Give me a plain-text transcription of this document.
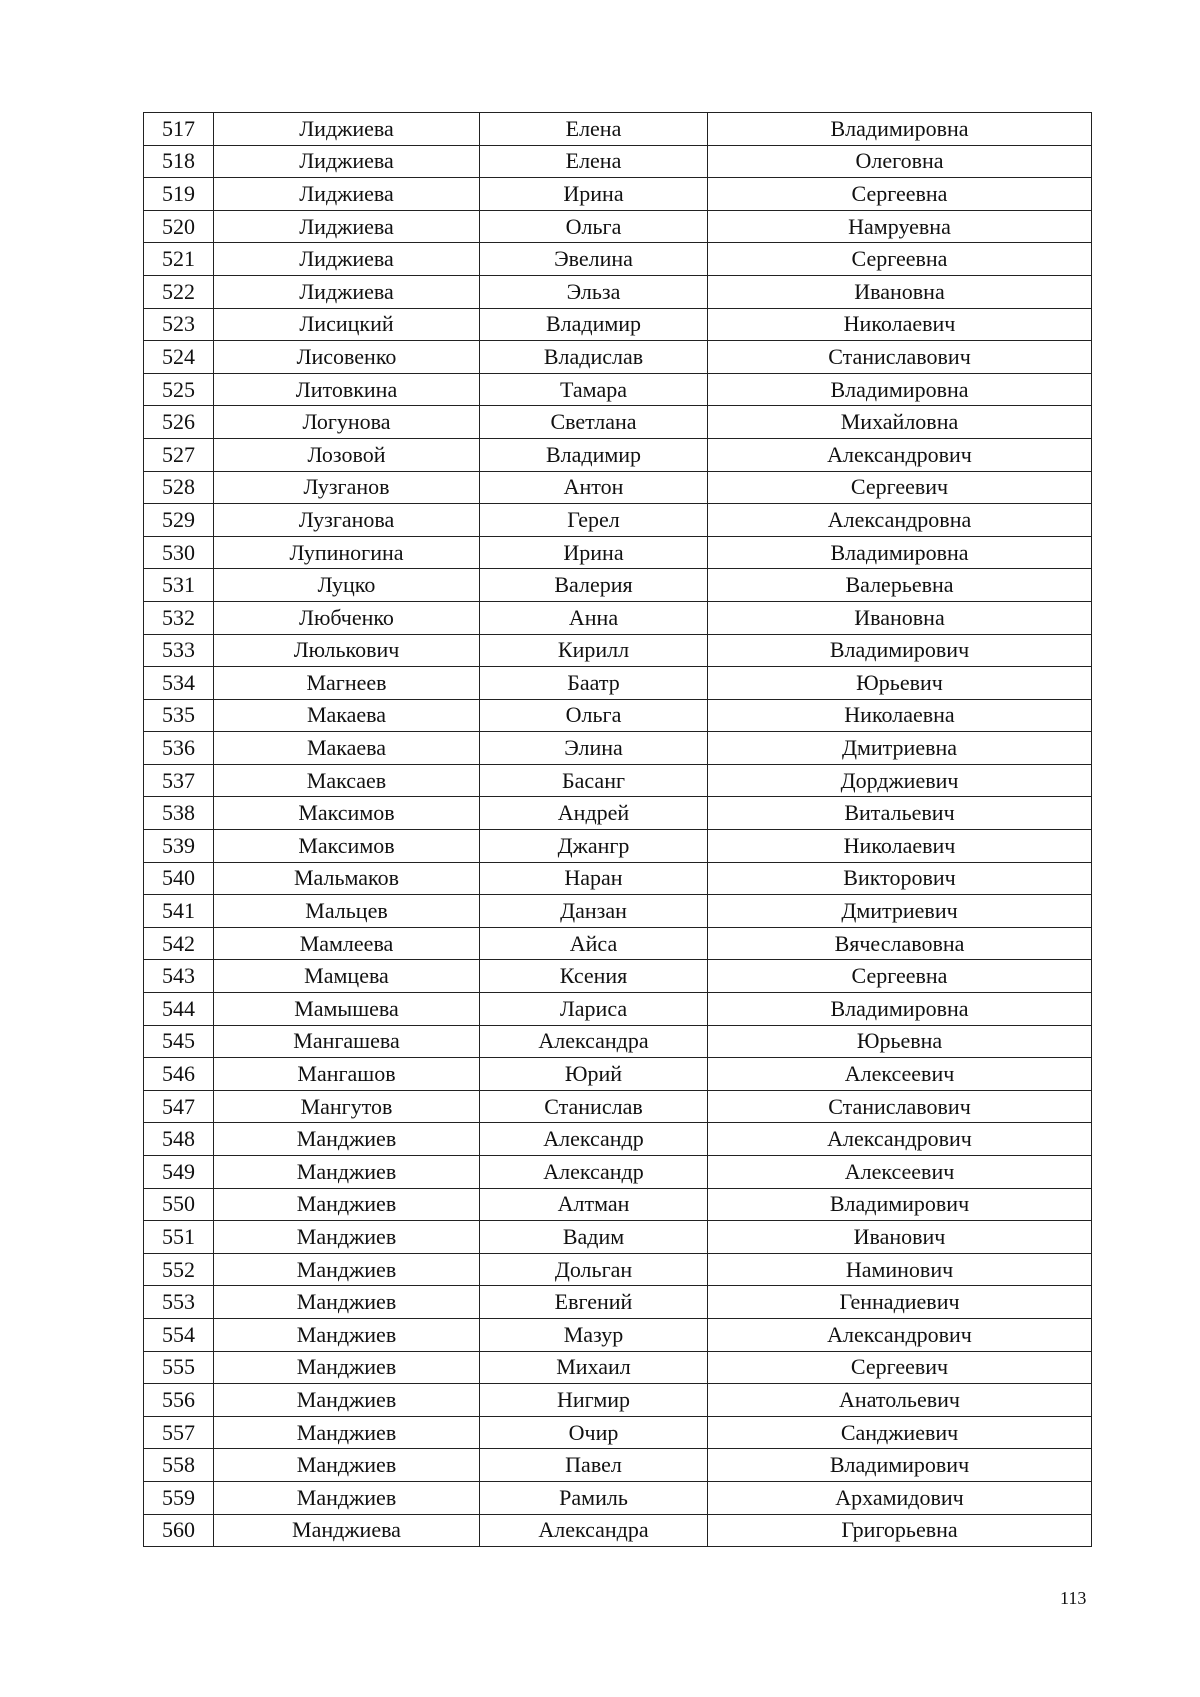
517	Лиджиева	Елена	Владимировна
518	Лиджиева	Елена	Олеговна
519	Лиджиева	Ирина	Сергеевна
520	Лиджиева	Ольга	Намруевна
521	Лиджиева	Эвелина	Сергеевна
522	Лиджиева	Эльза	Ивановна
523	Лисицкий	Владимир	Николаевич
524	Лисовенко	Владислав	Станиславович
525	Литовкина	Тамара	Владимировна
526	Логунова	Светлана	Михайловна
527	Лозовой	Владимир	Александрович
528	Лузганов	Антон	Сергеевич
529	Лузганова	Герел	Александровна
530	Лупиногина	Ирина	Владимировна
531	Луцко	Валерия	Валерьевна
532	Любченко	Анна	Ивановна
533	Люлькович	Кирилл	Владимирович
534	Магнеев	Баатр	Юрьевич
535	Макаева	Ольга	Николаевна
536	Макаева	Элина	Дмитриевна
537	Максаев	Басанг	Дорджиевич
538	Максимов	Андрей	Витальевич
539	Максимов	Джангр	Николаевич
540	Мальмаков	Наран	Викторович
541	Мальцев	Данзан	Дмитриевич
542	Мамлеева	Айса	Вячеславовна
543	Мамцева	Ксения	Сергеевна
544	Мамышева	Лариса	Владимировна
545	Мангашева	Александра	Юрьевна
546	Мангашов	Юрий	Алексеевич
547	Мангутов	Станислав	Станиславович
548	Манджиев	Александр	Александрович
549	Манджиев	Александр	Алексеевич
550	Манджиев	Алтман	Владимирович
551	Манджиев	Вадим	Иванович
552	Манджиев	Дольган	Наминович
553	Манджиев	Евгений	Геннадиевич
554	Манджиев	Мазур	Александрович
555	Манджиев	Михаил	Сергеевич
556	Манджиев	Нигмир	Анатольевич
557	Манджиев	Очир	Санджиевич
558	Манджиев	Павел	Владимирович
559	Манджиев	Рамиль	Архамидович
560	Манджиева	Александра	Григорьевна
113
